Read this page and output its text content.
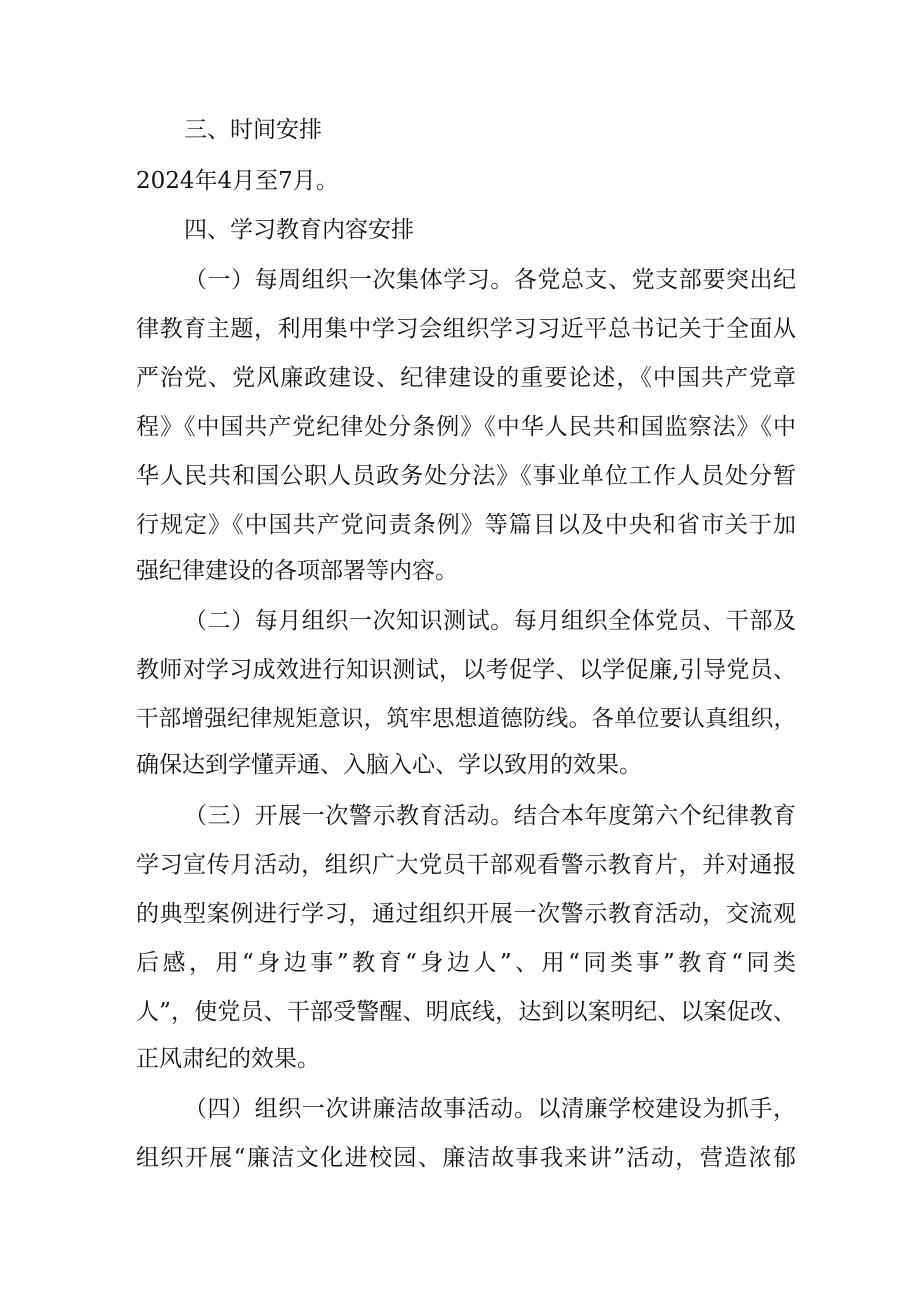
三、时间安排
2024年4月至7月。
四、学习教育内容安排
（一）每周组织一次集体学习。各党总支、党支部要突出纪
律教育主题，利用集中学习会组织学习习近平总书记关于全面从
严治党、党风廉政建设、纪律建设的重要论述，《中国共产党章
程》《中国共产党纪律处分条例》《中华人民共和国监察法》《中
华人民共和国公职人员政务处分法》《事业单位工作人员处分暂
行规定》《中国共产党问责条例》等篇目以及中央和省市关于加
强纪律建设的各项部署等内容。
（二）每月组织一次知识测试。每月组织全体党员、干部及
教师对学习成效进行知识测试，以考促学、以学促廉,引导党员、
干部增强纪律规矩意识，筑牢思想道德防线。各单位要认真组织，
确保达到学懂弄通、入脑入心、学以致用的效果。
（三）开展一次警示教育活动。结合本年度第六个纪律教育
学习宣传月活动，组织广大党员干部观看警示教育片，并对通报
的典型案例进行学习，通过组织开展一次警示教育活动，交流观
后感，用“身边事”教育“身边人”、用“同类事”教育“同类
人”，使党员、干部受警醒、明底线，达到以案明纪、以案促改、
正风肃纪的效果。
（四）组织一次讲廉洁故事活动。以清廉学校建设为抓手，
组织开展“廉洁文化进校园、廉洁故事我来讲”活动，营造浓郁
